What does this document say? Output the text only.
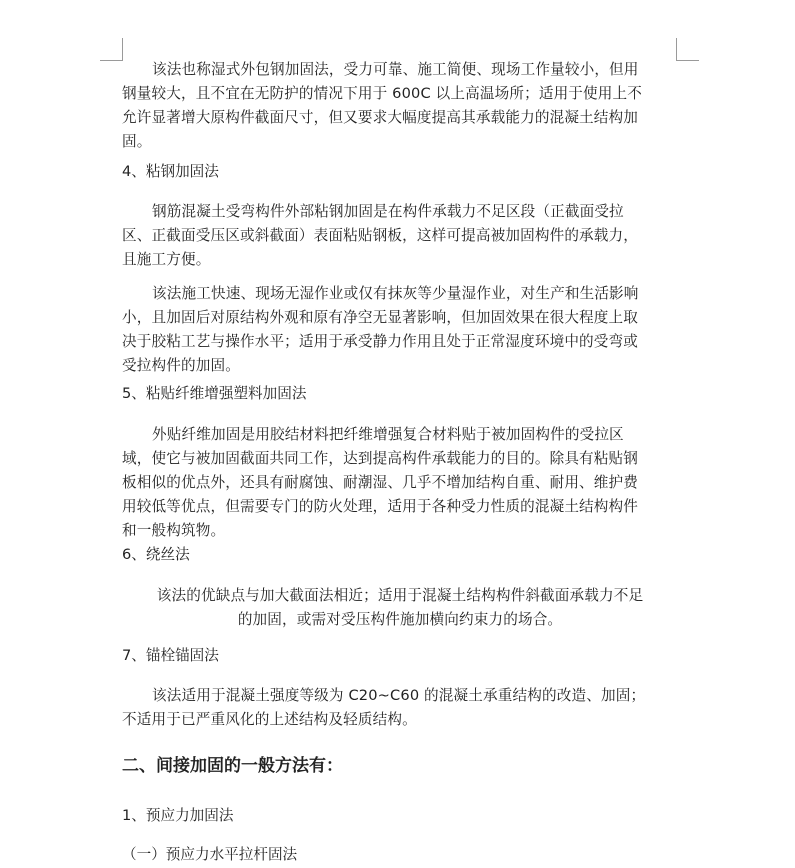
该法也称湿式外包钢加固法，受力可靠、施工简便、现场工作量较小，但用
钢量较大，且不宜在无防护的情况下用于 600C 以上高温场所；适用于使用上不
允许显著增大原构件截面尺寸，但又要求大幅度提高其承载能力的混凝土结构加
固。
4、粘钢加固法
钢筋混凝土受弯构件外部粘钢加固是在构件承载力不足区段（正截面受拉
区、正截面受压区或斜截面）表面粘贴钢板，这样可提高被加固构件的承载力，
且施工方便。
该法施工快速、现场无湿作业或仅有抹灰等少量湿作业，对生产和生活影响
小，且加固后对原结构外观和原有净空无显著影响，但加固效果在很大程度上取
决于胶粘工艺与操作水平；适用于承受静力作用且处于正常湿度环境中的受弯或
受拉构件的加固。
5、粘贴纤维增强塑料加固法
外贴纤维加固是用胶结材料把纤维增强复合材料贴于被加固构件的受拉区
域，使它与被加固截面共同工作，达到提高构件承载能力的目的。除具有粘贴钢
板相似的优点外，还具有耐腐蚀、耐潮湿、几乎不增加结构自重、耐用、维护费
用较低等优点，但需要专门的防火处理，适用于各种受力性质的混凝土结构构件
和一般构筑物。
6、绕丝法
该法的优缺点与加大截面法相近；适用于混凝土结构构件斜截面承载力不足
的加固，或需对受压构件施加横向约束力的场合。
7、锚栓锚固法
该法适用于混凝土强度等级为 C20~C60 的混凝土承重结构的改造、加固；
不适用于已严重风化的上述结构及轻质结构。
二、间接加固的一般方法有：
1、预应力加固法
（一）预应力水平拉杆固法
